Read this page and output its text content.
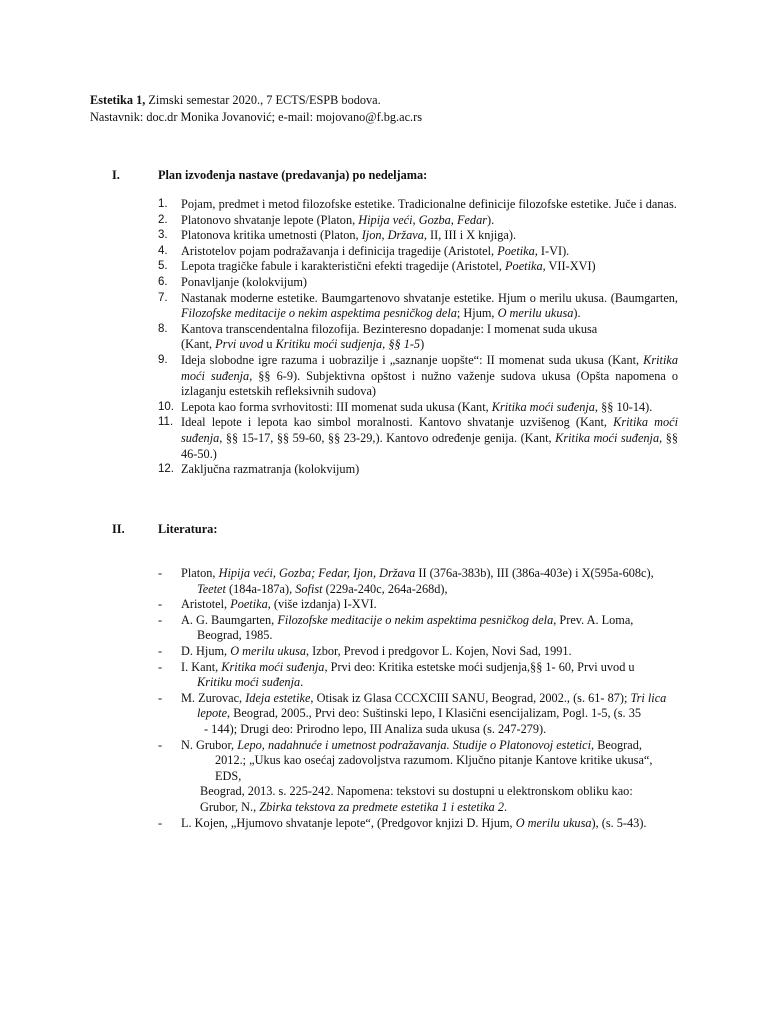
Estetika 1, Zimski semestar 2020., 7 ECTS/ESPB bodova.
Nastavnik: doc.dr Monika Jovanović; e-mail: mojovano@f.bg.ac.rs
I.	Plan izvođenja nastave (predavanja) po nedeljama:
1. Pojam, predmet i metod filozofske estetike. Tradicionalne definicije filozofske estetike. Juče i danas.
2. Platonovo shvatanje lepote (Platon, Hipija veći, Gozba, Fedar).
3. Platonova kritika umetnosti (Platon, Ijon, Država, II, III i X knjiga).
4. Aristotelov pojam podražavanja i definicija tragedije (Aristotel, Poetika, I-VI).
5. Lepota tragičke fabule i karakteristični efekti tragedije (Aristotel, Poetika, VII-XVI)
6. Ponavljanje (kolokvijum)
7. Nastanak moderne estetike. Baumgartenovo shvatanje estetike. Hjum o merilu ukusa. (Baumgarten, Filozofske meditacije o nekim aspektima pesničkog dela; Hjum, O merilu ukusa).
8. Kantova transcendentalna filozofija. Bezinteresno dopadanje: I momenat suda ukusa
(Kant, Prvi uvod u Kritiku moći sudjenja, §§ 1-5)
9. Ideja slobodne igre razuma i uobrazilje i „saznanje uopšte“: II momenat suda ukusa (Kant, Kritika moći suđenja, §§ 6-9). Subjektivna opštost i nužno važenje sudova ukusa (Opšta napomena o izlaganju estetskih refleksivnih sudova)
10. Lepota kao forma svrhovitosti: III momenat suda ukusa (Kant, Kritika moći suđenja, §§ 10-14).
11. Ideal lepote i lepota kao simbol moralnosti. Kantovo shvatanje uzvišenog (Kant, Kritika moći suđenja, §§ 15-17, §§ 59-60, §§ 23-29,). Kantovo određenje genija. (Kant, Kritika moći suđenja, §§ 46-50.)
12. Zaključna razmatranja (kolokvijum)
II.	Literatura:
- Platon, Hipija veći, Gozba; Fedar, Ijon, Država II (376a-383b), III (386a-403e) i X(595a-608c),
Teetet (184a-187a), Sofist (229a-240c, 264a-268d),
- Aristotel, Poetika, (više izdanja) I-XVI.
- A. G. Baumgarten, Filozofske meditacije o nekim aspektima pesničkog dela, Prev. A. Loma,
Beograd, 1985.
- D. Hjum, O merilu ukusa, Izbor, Prevod i predgovor L. Kojen, Novi Sad, 1991.
- I. Kant, Kritika moći suđenja, Prvi deo: Kritika estetske moći sudjenja,§§ 1- 60, Prvi uvod u
Kritiku moći suđenja.
- M. Zurovac, Ideja estetike, Otisak iz Glasa CCCXCIII SANU, Beograd, 2002., (s. 61- 87); Tri lica
lepote, Beograd, 2005., Prvi deo: Suštinski lepo, I Klasični esencijalizam, Pogl. 1-5, (s. 35
- 144); Drugi deo: Prirodno lepo, III Analiza suda ukusa (s. 247-279).
- N. Grubor, Lepo, nadahnuće i umetnost podražavanja. Studije o Platonovoj estetici, Beograd,
2012.; „Ukus kao osećaj zadovoljstva razumom. Ključno pitanje Kantove kritike ukusa“, EDS,
Beograd, 2013. s. 225-242. Napomena: tekstovi su dostupni u elektronskom obliku kao:
Grubor, N., Zbirka tekstova za predmete estetika 1 i estetika 2.
- L. Kojen, „Hjumovo shvatanje lepote“, (Predgovor knjizi D. Hjum, O merilu ukusa), (s. 5-43).
